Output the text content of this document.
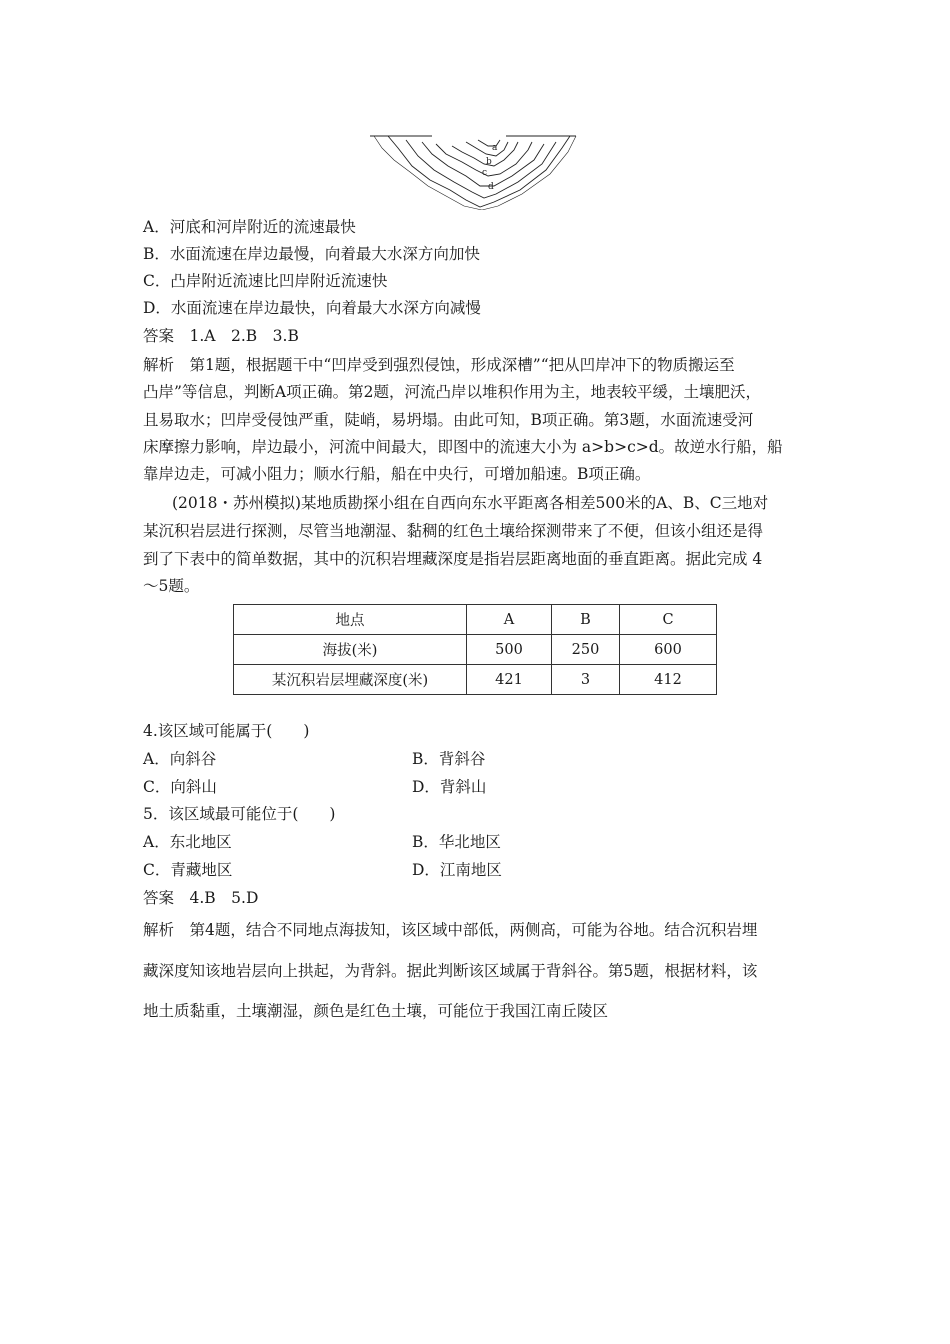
a
b
c
d
A．河底和河岸附近的流速最快
B．水面流速在岸边最慢，向着最大水深方向加快
C．凸岸附近流速比凹岸附近流速快
D．水面流速在岸边最快，向着最大水深方向减慢
答案　1.A　2.B　3.B
解析　第1题，根据题干中“凹岸受到强烈侵蚀，形成深槽”“把从凹岸冲下的物质搬运至
凸岸”等信息，判断A项正确。第2题，河流凸岸以堆积作用为主，地表较平缓，土壤肥沃，
且易取水；凹岸受侵蚀严重，陡峭，易坍塌。由此可知，B项正确。第3题，水面流速受河
床摩擦力影响，岸边最小，河流中间最大，即图中的流速大小为 a>b>c>d。故逆水行船，船
靠岸边走，可减小阻力；顺水行船，船在中央行，可增加船速。B项正确。
(2018・苏州模拟)某地质勘探小组在自西向东水平距离各相差500米的A、B、C三地对
某沉积岩层进行探测，尽管当地潮湿、黏稠的红色土壤给探测带来了不便，但该小组还是得
到了下表中的简单数据，其中的沉积岩埋藏深度是指岩层距离地面的垂直距离。据此完成 4
～5题。
地点	A	B	C
海拔(米)	500	250	600
某沉积岩层埋藏深度(米)	421	3	412
4.该区域可能属于(　　)
A．向斜谷	B．背斜谷
C．向斜山	D．背斜山
5．该区域最可能位于(　　)
A．东北地区	B．华北地区
C．青藏地区	D．江南地区
答案　4.B　5.D
解析　第4题，结合不同地点海拔知，该区域中部低，两侧高，可能为谷地。结合沉积岩埋
藏深度知该地岩层向上拱起，为背斜。据此判断该区域属于背斜谷。第5题，根据材料，该
地土质黏重，土壤潮湿，颜色是红色土壤，可能位于我国江南丘陵区
